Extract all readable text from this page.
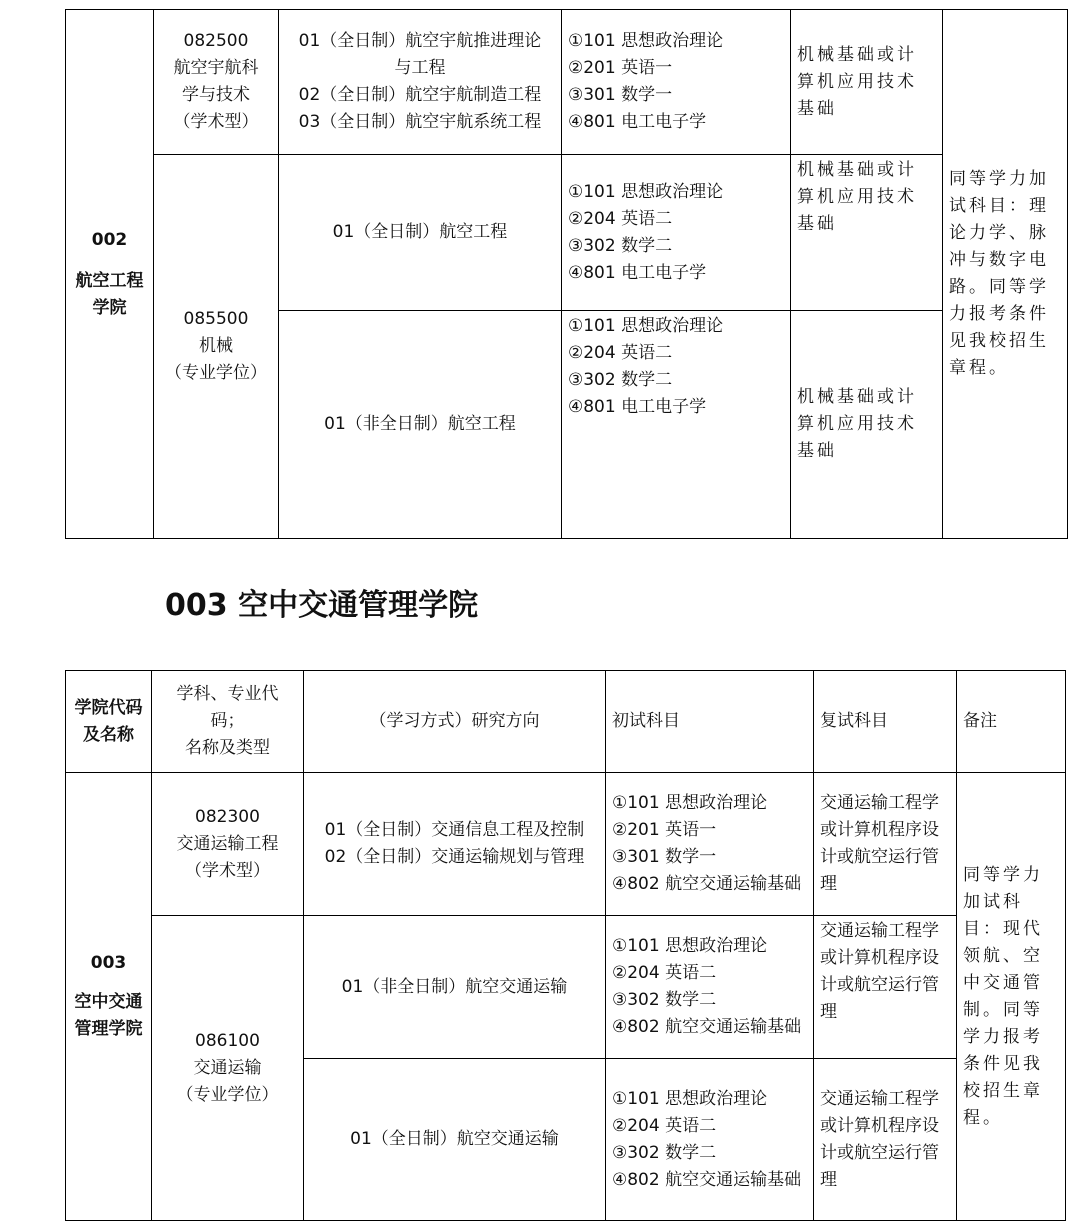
002
航空工程学院	082500
航空宇航科
学与技术
（学术型）	01（全日制）航空宇航推进理论
与工程
02（全日制）航空宇航制造工程
03（全日制）航空宇航系统工程	①101 思想政治理论
②201 英语一
③301 数学一
④801 电工电子学	机械基础或计算机应用技术基础	同等学力加试科目：理论力学、脉冲与数字电路。同等学力报考条件见我校招生章程。

	085500
机械
（专业学位）	01（全日制）航空工程	①101 思想政治理论
②204 英语二
③302 数学二
④801 电工电子学	机械基础或计算机应用技术基础	

		01（非全日制）航空工程	①101 思想政治理论
②204 英语二
③302 数学二
④801 电工电子学	机械基础或计算机应用技术基础	
003 空中交通管理学院
学院代码及名称	学科、专业代
码；
名称及类型	（学习方式）研究方向	初试科目	复试科目	备注

003
空中交通管理学院	082300
交通运输工程
（学术型）	01（全日制）交通信息工程及控制
02（全日制）交通运输规划与管理	①101 思想政治理论
②201 英语一
③301 数学一
④802 航空交通运输基础	交通运输工程学或计算机程序设计或航空运行管理	同等学力加试科目：现代领航、空中交通管制。同等学力报考条件见我校招生章程。

	086100
交通运输
（专业学位）	01（非全日制）航空交通运输	①101 思想政治理论
②204 英语二
③302 数学二
④802 航空交通运输基础	交通运输工程学或计算机程序设计或航空运行管理	

		01（全日制）航空交通运输	①101 思想政治理论
②204 英语二
③302 数学二
④802 航空交通运输基础	交通运输工程学或计算机程序设计或航空运行管理	
